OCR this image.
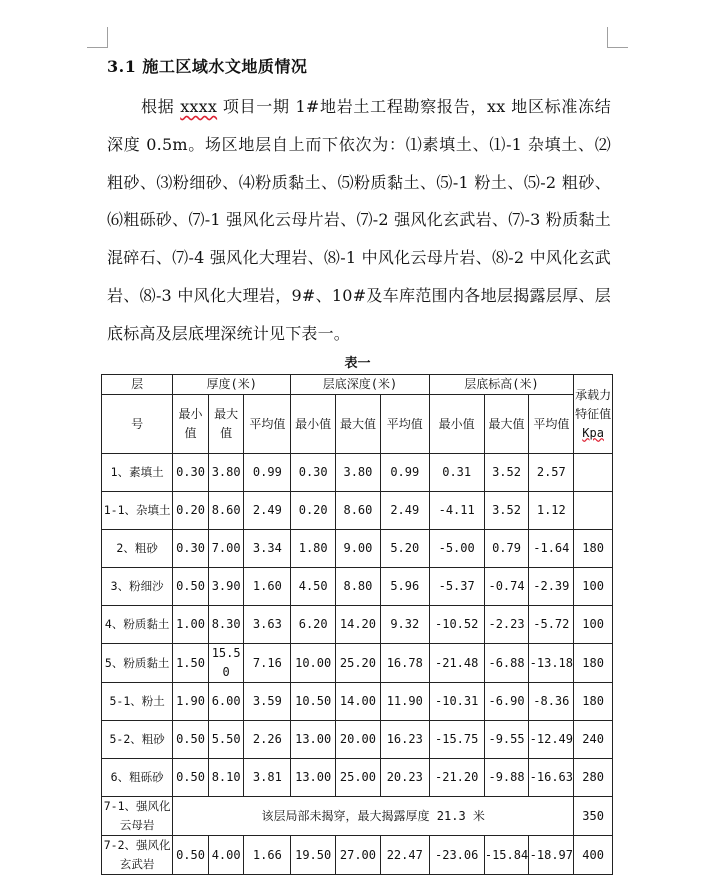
3.1 施工区域水文地质情况
根据 xxxx 项目一期 1#地岩土工程勘察报告，xx 地区标准冻结深度 0.5m。场区地层自上而下依次为：⑴素填土、⑴-1 杂填土、⑵粗砂、⑶粉细砂、⑷粉质黏土、⑸粉质黏土、⑸-1 粉土、⑸-2 粗砂、⑹粗砾砂、⑺-1 强风化云母片岩、⑺-2 强风化玄武岩、⑺-3 粉质黏土混碎石、⑺-4 强风化大理岩、⑻-1 中风化云母片岩、⑻-2 中风化玄武岩、⑻-3 中风化大理岩，9#、10#及车库范围内各地层揭露层厚、层底标高及层底埋深统计见下表一。
表一
层	厚度(米)			层底深度(米)			层底标高(米)			承载力特征值
Kpa
号	最小值	最大值	平均值	最小值	最大值	平均值	最小值	最大值	平均值	
1、素填土	0.30	3.80	0.99	0.30	3.80	0.99	0.31	3.52	2.57	
1-1、杂填土	0.20	8.60	2.49	0.20	8.60	2.49	-4.11	3.52	1.12	
2、粗砂	0.30	7.00	3.34	1.80	9.00	5.20	-5.00	0.79	-1.64	180
3、粉细沙	0.50	3.90	1.60	4.50	8.80	5.96	-5.37	-0.74	-2.39	100
4、粉质黏土	1.00	8.30	3.63	6.20	14.20	9.32	-10.52	-2.23	-5.72	100
5、粉质黏土	1.50	15.50	7.16	10.00	25.20	16.78	-21.48	-6.88	-13.18	180
5-1、粉土	1.90	6.00	3.59	10.50	14.00	11.90	-10.31	-6.90	-8.36	180
5-2、粗砂	0.50	5.50	2.26	13.00	20.00	16.23	-15.75	-9.55	-12.49	240
6、粗砾砂	0.50	8.10	3.81	13.00	25.00	20.23	-21.20	-9.88	-16.63	280
7-1、强风化云母岩	该层局部未揭穿，最大揭露厚度 21.3 米									350
7-2、强风化玄武岩	0.50	4.00	1.66	19.50	27.00	22.47	-23.06	-15.84	-18.97	400
